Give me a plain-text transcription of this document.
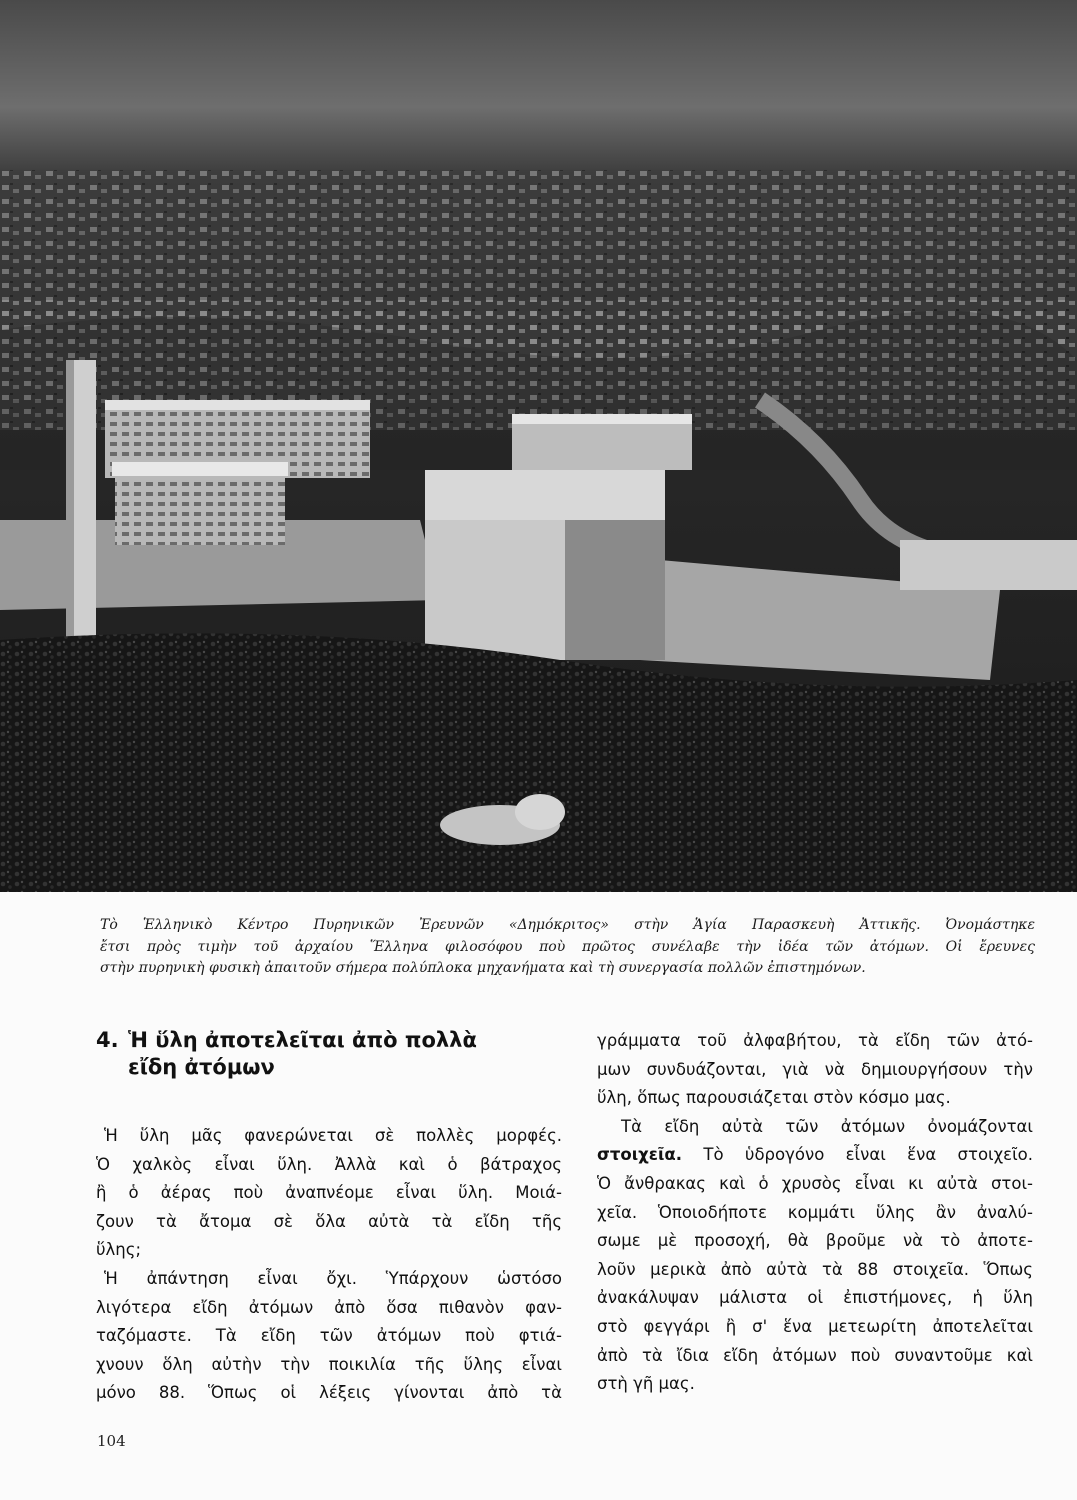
Τὸ Ἑλληνικὸ Κέντρο Πυρηνικῶν Ἐρευνῶν «Δημόκριτος» στὴν Ἁγία Παρασκευὴ Ἀττικῆς. Ὀνομάστηκε
ἔτσι πρὸς τιμὴν τοῦ ἀρχαίου Ἕλληνα φιλοσόφου ποὺ πρῶτος συνέλαβε τὴν ἰδέα τῶν ἀτόμων. Οἱ ἔρευνες
στὴν πυρηνικὴ φυσικὴ ἀπαιτοῦν σήμερα πολύπλοκα μηχανήματα καὶ τὴ συνεργασία πολλῶν ἐπιστημόνων.
4. Ἡ ὕλη ἀποτελεῖται ἀπὸ πολλὰ
εἴδη ἀτόμων

Ἡ ὕλη μᾶς φανερώνεται σὲ πολλὲς μορφές.
Ὁ χαλκὸς εἶναι ὕλη. Ἀλλὰ καὶ ὁ βάτραχος
ἢ ὁ ἀέρας ποὺ ἀναπνέομε εἶναι ὕλη. Μοιά-
ζουν τὰ ἄτομα σὲ ὅλα αὐτὰ τὰ εἴδη τῆς
ὕλης;

Ἡ ἀπάντηση εἶναι ὄχι. Ὑπάρχουν ὡστόσο
λιγότερα εἴδη ἀτόμων ἀπὸ ὅσα πιθανὸν φαν-
ταζόμαστε. Τὰ εἴδη τῶν ἀτόμων ποὺ φτιά-
χνουν ὅλη αὐτὴν τὴν ποικιλία τῆς ὕλης εἶναι
μόνο 88. Ὅπως οἱ λέξεις γίνονται ἀπὸ τὰ

γράμματα τοῦ ἀλφαβήτου, τὰ εἴδη τῶν ἀτό-
μων συνδυάζονται, γιὰ νὰ δημιουργήσουν τὴν
ὕλη, ὅπως παρουσιάζεται στὸν κόσμο μας.

Τὰ εἴδη αὐτὰ τῶν ἀτόμων ὀνομάζονται
στοιχεῖα. Τὸ ὑδρογόνο εἶναι ἕνα στοιχεῖο.
Ὁ ἄνθρακας καὶ ὁ χρυσὸς εἶναι κι αὐτὰ στοι-
χεῖα. Ὁποιοδήποτε κομμάτι ὕλης ἂν ἀναλύ-
σωμε μὲ προσοχή, θὰ βροῦμε νὰ τὸ ἀποτε-
λοῦν μερικὰ ἀπὸ αὐτὰ τὰ 88 στοιχεῖα. Ὅπως
ἀνακάλυψαν μάλιστα οἱ ἐπιστήμονες, ἡ ὕλη
στὸ φεγγάρι ἢ σ' ἕνα μετεωρίτη ἀποτελεῖται
ἀπὸ τὰ ἴδια εἴδη ἀτόμων ποὺ συναντοῦμε καὶ
στὴ γῆ μας.

104
